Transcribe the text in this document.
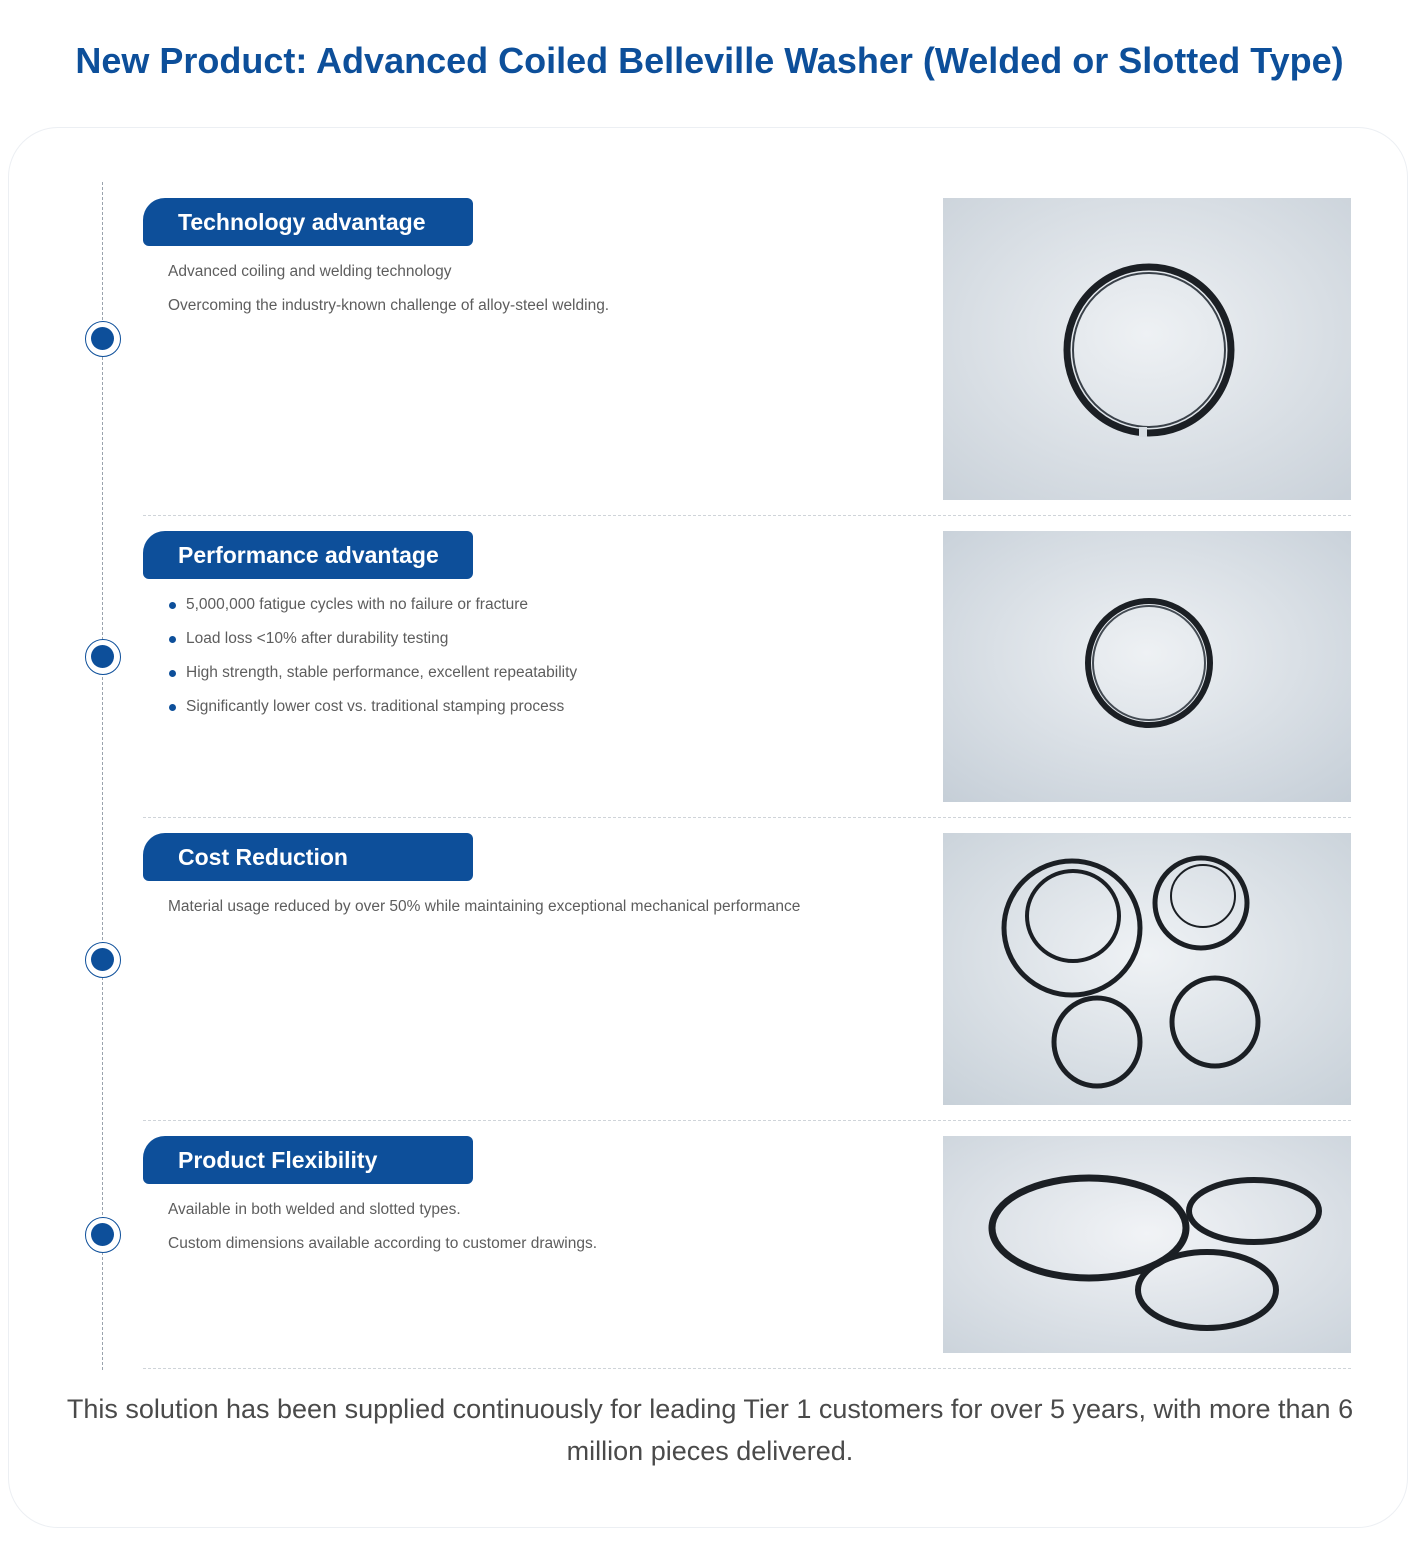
New Product: Advanced Coiled Belleville Washer (Welded or Slotted Type)
Technology advantage
Advanced coiling and welding technology
Overcoming the industry-known challenge of alloy-steel welding.
Performance advantage
5,000,000 fatigue cycles with no failure or fracture
Load loss <10% after durability testing
High strength, stable performance, excellent repeatability
Significantly lower cost vs. traditional stamping process
Cost Reduction
Material usage reduced by over 50% while maintaining exceptional mechanical performance
Product Flexibility
Available in both welded and slotted types.
Custom dimensions available according to customer drawings.
This solution has been supplied continuously for leading Tier 1 customers for over 5 years, with more than 6 million pieces delivered.
